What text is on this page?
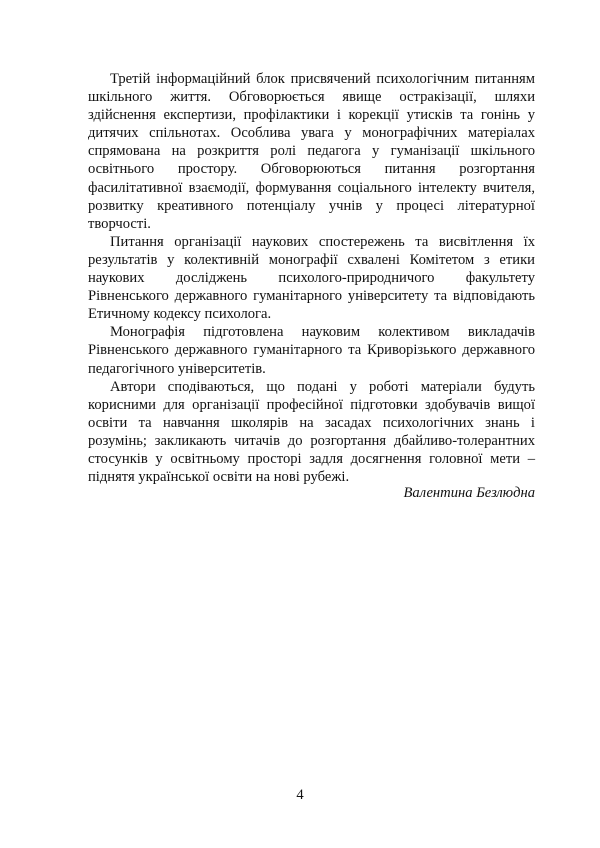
Третій інформаційний блок присвячений психологічним питанням шкільного життя. Обговорюється явище остракізації, шляхи здійснення експертизи, профілактики і корекції утисків та гонінь у дитячих спільнотах. Особлива увага у монографічних матеріалах спрямована на розкриття ролі педагога у гуманізації шкільного освітнього простору. Обговорюються питання розгортання фасилітативної взаємодії, формування соціального інтелекту вчителя, розвитку креативного потенціалу учнів у процесі літературної творчості.

Питання організації наукових спостережень та висвітлення їх результатів у колективній монографії схвалені Комітетом з етики наукових досліджень психолого-природничого факультету Рівненського державного гуманітарного університету та відповідають Етичному кодексу психолога.

Монографія підготовлена науковим колективом викладачів Рівненського державного гуманітарного та Криворізького державного педагогічного університетів.

Автори сподіваються, що подані у роботі матеріали будуть корисними для організації професійної підготовки здобувачів вищої освіти та навчання школярів на засадах психологічних знань і розумінь; закликають читачів до розгортання дбайливо-толерантних стосунків у освітньому просторі задля досягнення головної мети – піднятя української освіти на нові рубежі.

Валентина Безлюдна
4
